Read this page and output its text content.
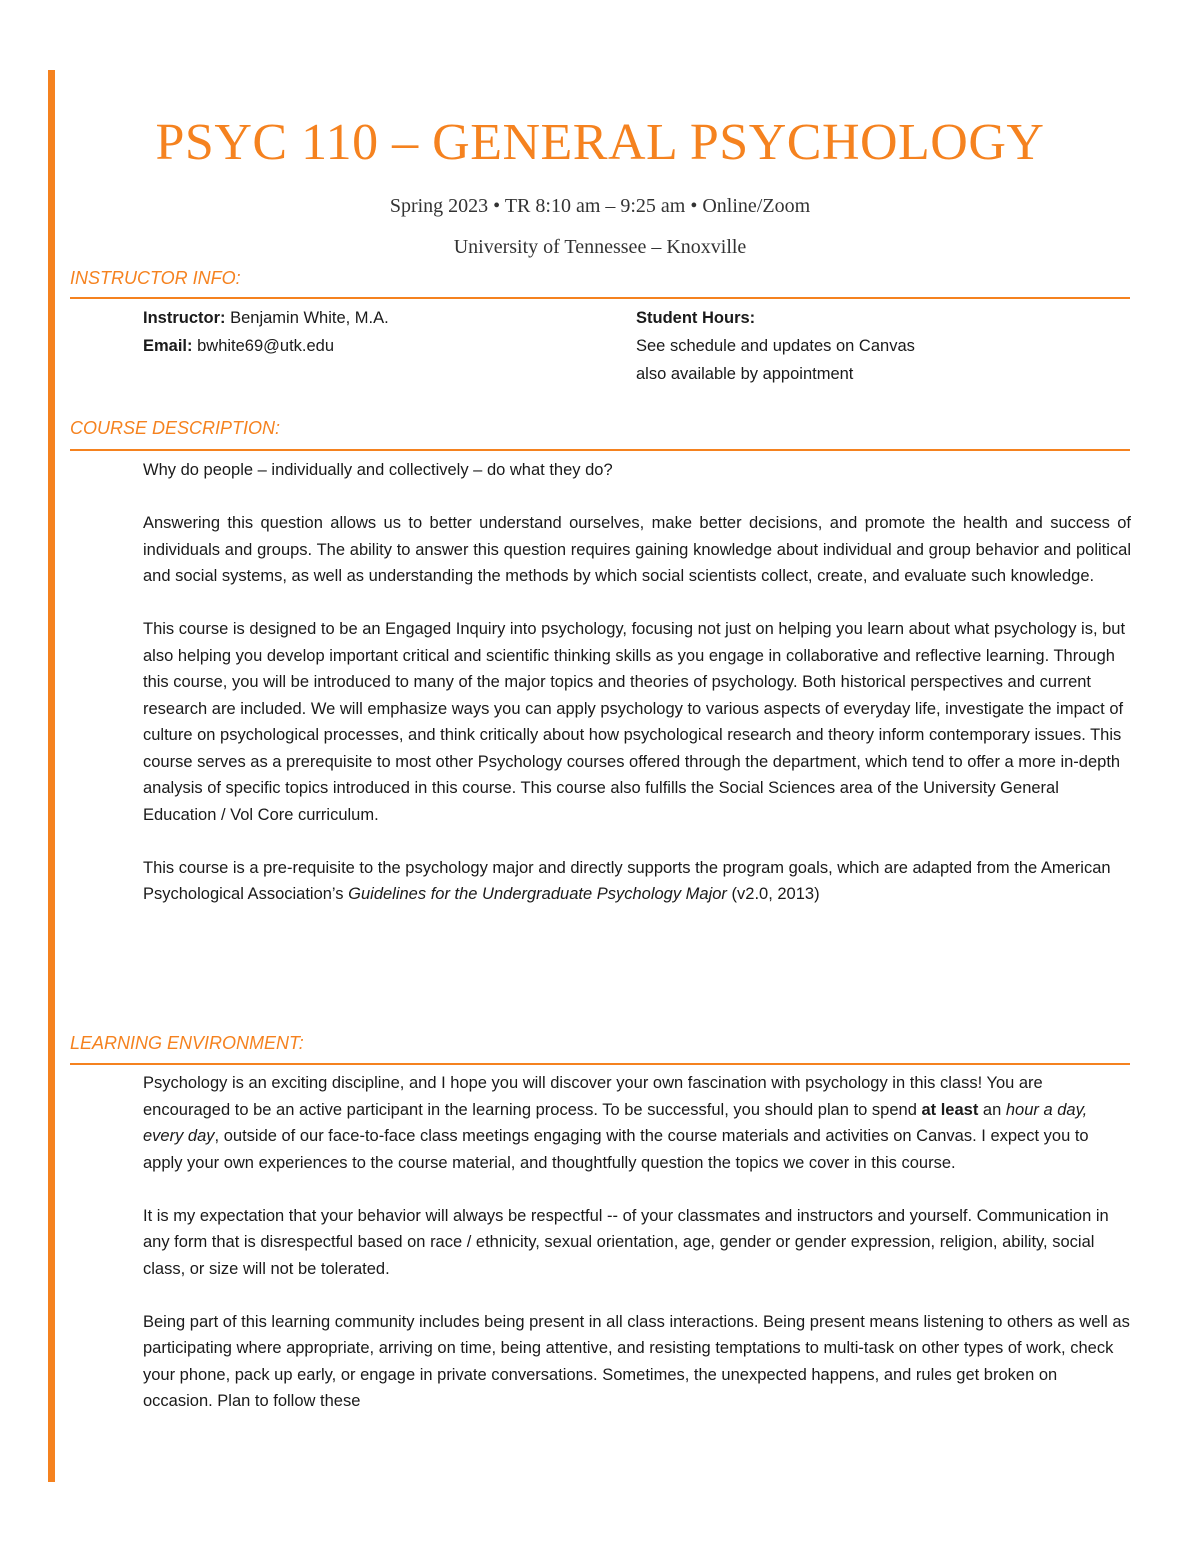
PSYC 110 – GENERAL PSYCHOLOGY
Spring 2023 • TR 8:10 am – 9:25 am • Online/Zoom
University of Tennessee – Knoxville
INSTRUCTOR INFO:
Instructor: Benjamin White, M.A.
Email: bwhite69@utk.edu
Student Hours:
See schedule and updates on Canvas
also available by appointment
COURSE DESCRIPTION:

Why do people – individually and collectively – do what they do?

Answering this question allows us to better understand ourselves, make better decisions, and promote the health and success of individuals and groups. The ability to answer this question requires gaining knowledge about individual and group behavior and political and social systems, as well as understanding the methods by which social scientists collect, create, and evaluate such knowledge.

This course is designed to be an Engaged Inquiry into psychology, focusing not just on helping you learn about what psychology is, but also helping you develop important critical and scientific thinking skills as you engage in collaborative and reflective learning. Through this course, you will be introduced to many of the major topics and theories of psychology. Both historical perspectives and current research are included. We will emphasize ways you can apply psychology to various aspects of everyday life, investigate the impact of culture on psychological processes, and think critically about how psychological research and theory inform contemporary issues. This course serves as a prerequisite to most other Psychology courses offered through the department, which tend to offer a more in-depth analysis of specific topics introduced in this course. This course also fulfills the Social Sciences area of the University General Education / Vol Core curriculum.

This course is a pre-requisite to the psychology major and directly supports the program goals, which are adapted from the American Psychological Association’s Guidelines for the Undergraduate Psychology Major (v2.0, 2013)

LEARNING ENVIRONMENT:

Psychology is an exciting discipline, and I hope you will discover your own fascination with psychology in this class! You are encouraged to be an active participant in the learning process. To be successful, you should plan to spend at least an hour a day, every day, outside of our face-to-face class meetings engaging with the course materials and activities on Canvas. I expect you to apply your own experiences to the course material, and thoughtfully question the topics we cover in this course.

It is my expectation that your behavior will always be respectful -- of your classmates and instructors and yourself. Communication in any form that is disrespectful based on race / ethnicity, sexual orientation, age, gender or gender expression, religion, ability, social class, or size will not be tolerated.

Being part of this learning community includes being present in all class interactions. Being present means listening to others as well as participating where appropriate, arriving on time, being attentive, and resisting temptations to multi-task on other types of work, check your phone, pack up early, or engage in private conversations. Sometimes, the unexpected happens, and rules get broken on occasion. Plan to follow these
